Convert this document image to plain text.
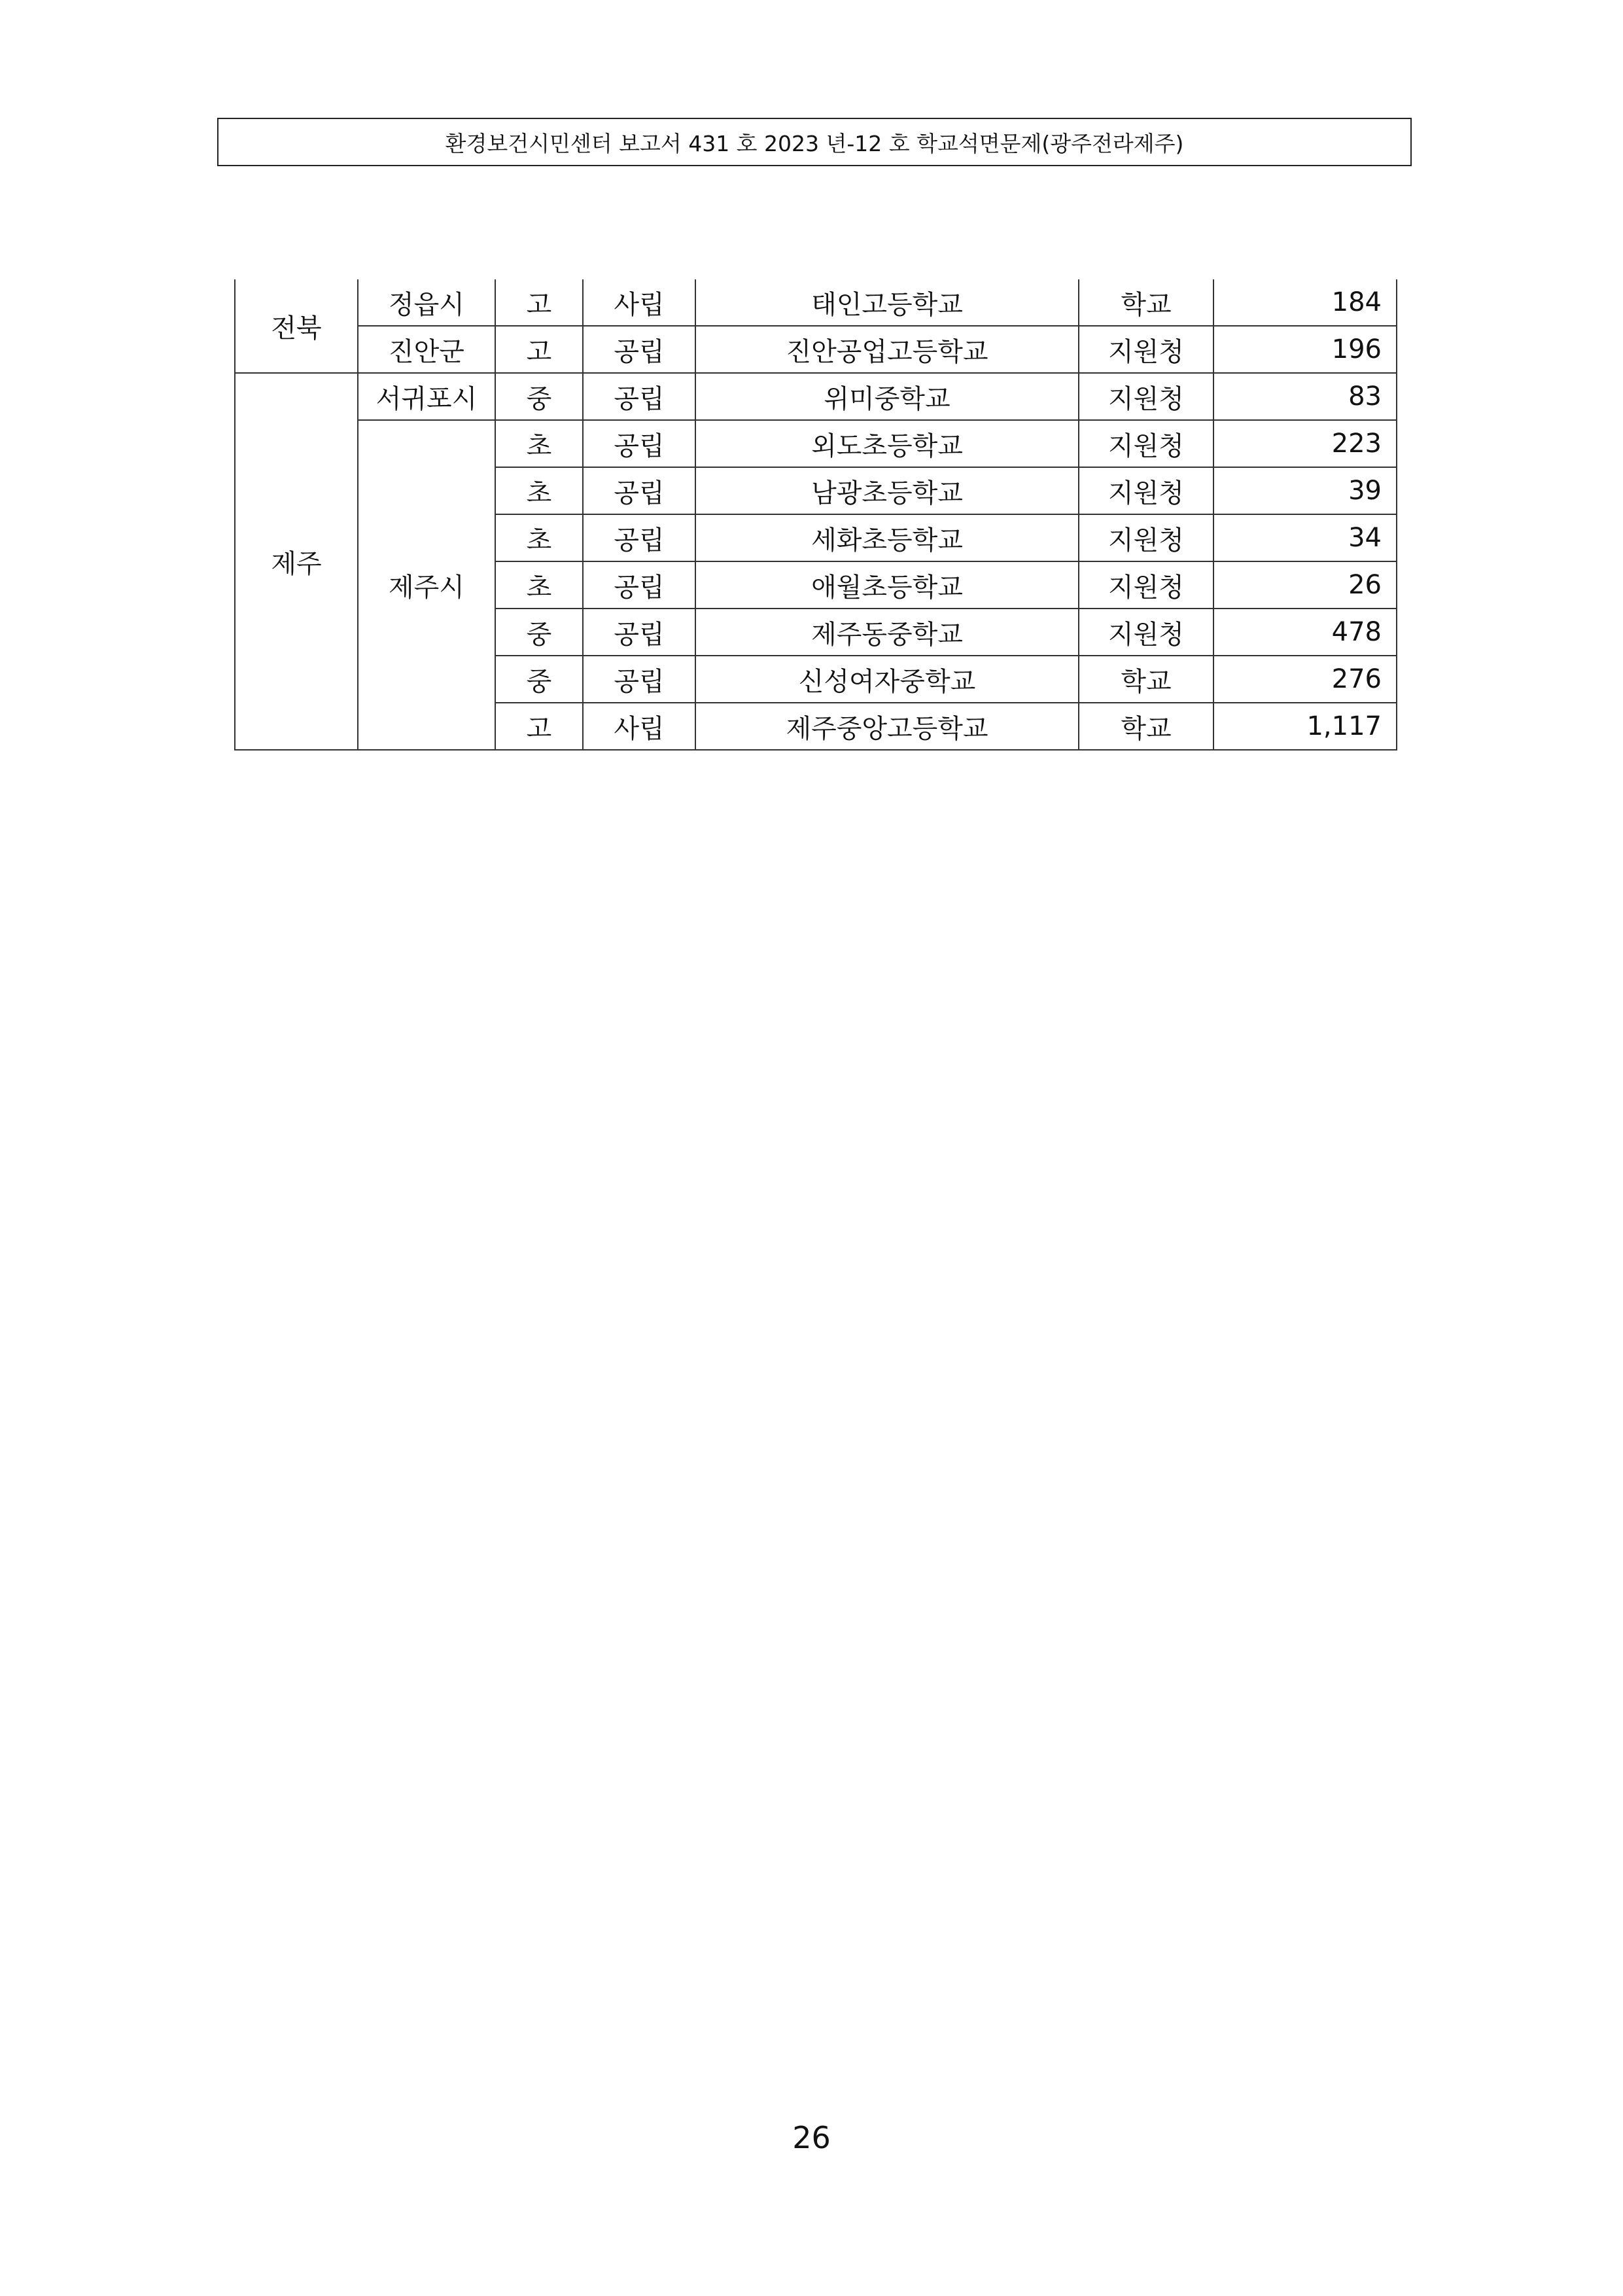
환경보건시민센터 보고서 431 호 2023 년-12 호 학교석면문제(광주전라제주)
전북	정읍시	고	사립	태인고등학교	학교	184
	진안군	고	공립	진안공업고등학교	지원청	196
제주	서귀포시	중	공립	위미중학교	지원청	83
	제주시	초	공립	외도초등학교	지원청	223
		초	공립	남광초등학교	지원청	39
		초	공립	세화초등학교	지원청	34
		초	공립	애월초등학교	지원청	26
		중	공립	제주동중학교	지원청	478
		중	공립	신성여자중학교	학교	276
		고	사립	제주중앙고등학교	학교	1,117
26
